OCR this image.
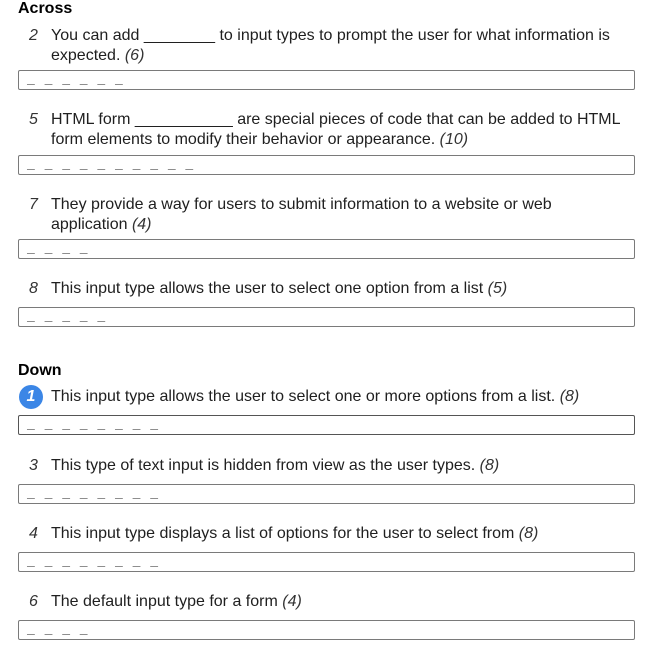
Across
2 You can add ________ to input types to prompt the user for what information is expected. (6)
_ _ _ _ _ _
5 HTML form ___________ are special pieces of code that can be added to HTML form elements to modify their behavior or appearance. (10)
_ _ _ _ _ _ _ _ _ _
7 They provide a way for users to submit information to a website or web application (4)
_ _ _ _
8 This input type allows the user to select one option from a list (5)
_ _ _ _ _
Down
1 This input type allows the user to select one or more options from a list. (8)
_ _ _ _ _ _ _ _
3 This type of text input is hidden from view as the user types. (8)
_ _ _ _ _ _ _ _
4 This input type displays a list of options for the user to select from (8)
_ _ _ _ _ _ _ _
6 The default input type for a form (4)
_ _ _ _
